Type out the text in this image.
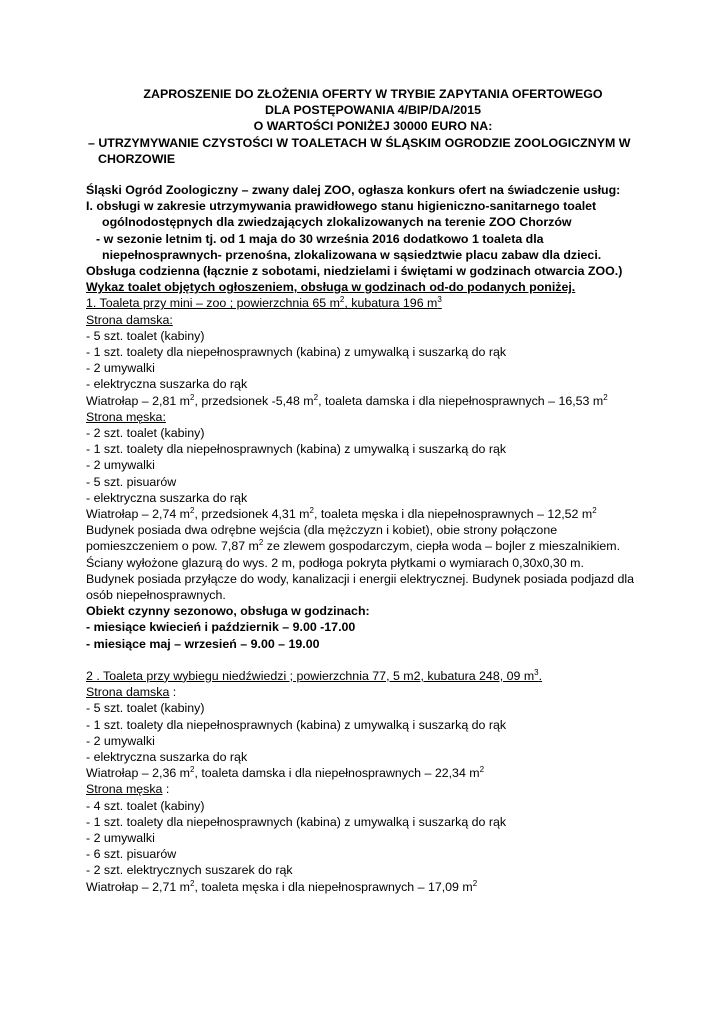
ZAPROSZENIE DO ZŁOŻENIA OFERTY W TRYBIE ZAPYTANIA OFERTOWEGO
DLA POSTĘPOWANIA 4/BIP/DA/2015
O WARTOŚCI PONIŻEJ 30000 EURO NA:
– UTRZYMYWANIE CZYSTOŚCI W TOALETACH W ŚLĄSKIM OGRODZIE ZOOLOGICZNYM W
CHORZOWIE
Śląski Ogród Zoologiczny – zwany dalej ZOO, ogłasza konkurs ofert na świadczenie usług:
I. obsługi w zakresie utrzymywania prawidłowego stanu higieniczno-sanitarnego toalet
ogólnodostępnych dla zwiedzających zlokalizowanych na terenie ZOO Chorzów
- w sezonie letnim tj. od 1 maja do 30 września 2016 dodatkowo 1 toaleta dla
niepełnosprawnych- przenośna, zlokalizowana w sąsiedztwie placu zabaw dla dzieci.
Obsługa codzienna (łącznie z sobotami, niedzielami i świętami w godzinach otwarcia ZOO.)
Wykaz toalet objętych ogłoszeniem, obsługa w godzinach od-do podanych poniżej.
1. Toaleta przy mini – zoo ; powierzchnia 65 $m^2$, kubatura 196 $m^3$
Strona damska:
- 5 szt. toalet (kabiny)
- 1 szt. toalety dla niepełnosprawnych (kabina) z umywalką i suszarką do rąk
- 2 umywalki
- elektryczna suszarka do rąk
Wiatrołap – 2,81 $m^2$, przedsionek -5,48 $m^2$, toaleta damska i dla niepełnosprawnych – 16,53 $m^2$
Strona męska:
- 2 szt. toalet (kabiny)
- 1 szt. toalety dla niepełnosprawnych (kabina) z umywalką i suszarką do rąk
- 2 umywalki
- 5 szt. pisuarów
- elektryczna suszarka do rąk
Wiatrołap – 2,74 $m^2$, przedsionek 4,31 $m^2$, toaleta męska i dla niepełnosprawnych – 12,52 $m^2$
Budynek posiada dwa odrębne wejścia (dla mężczyzn i kobiet), obie strony połączone
pomieszczeniem o pow. 7,87 $m^2$ ze zlewem gospodarczym, ciepła woda – bojler z mieszalnikiem.
Ściany wyłożone glazurą do wys. 2 m, podłoga pokryta płytkami o wymiarach 0,30x0,30 m.
Budynek posiada przyłącze do wody, kanalizacji i energii elektrycznej. Budynek posiada podjazd dla
osób niepełnosprawnych.
Obiekt czynny sezonowo, obsługa w godzinach:
- miesiące kwiecień i październik – 9.00 -17.00
- miesiące maj – wrzesień – 9.00 – 19.00
2 . Toaleta przy wybiegu niedźwiedzi ; powierzchnia 77, 5 m2, kubatura 248, 09 $m^3$.
Strona damska :
- 5 szt. toalet (kabiny)
- 1 szt. toalety dla niepełnosprawnych (kabina) z umywalką i suszarką do rąk
- 2 umywalki
- elektryczna suszarka do rąk
Wiatrołap – 2,36 $m^2$, toaleta damska i dla niepełnosprawnych – 22,34 $m^2$
Strona męska :
- 4 szt. toalet (kabiny)
- 1 szt. toalety dla niepełnosprawnych (kabina) z umywalką i suszarką do rąk
- 2 umywalki
- 6 szt. pisuarów
- 2 szt. elektrycznych suszarek do rąk
Wiatrołap – 2,71 $m^2$, toaleta męska i dla niepełnosprawnych – 17,09 $m^2$
